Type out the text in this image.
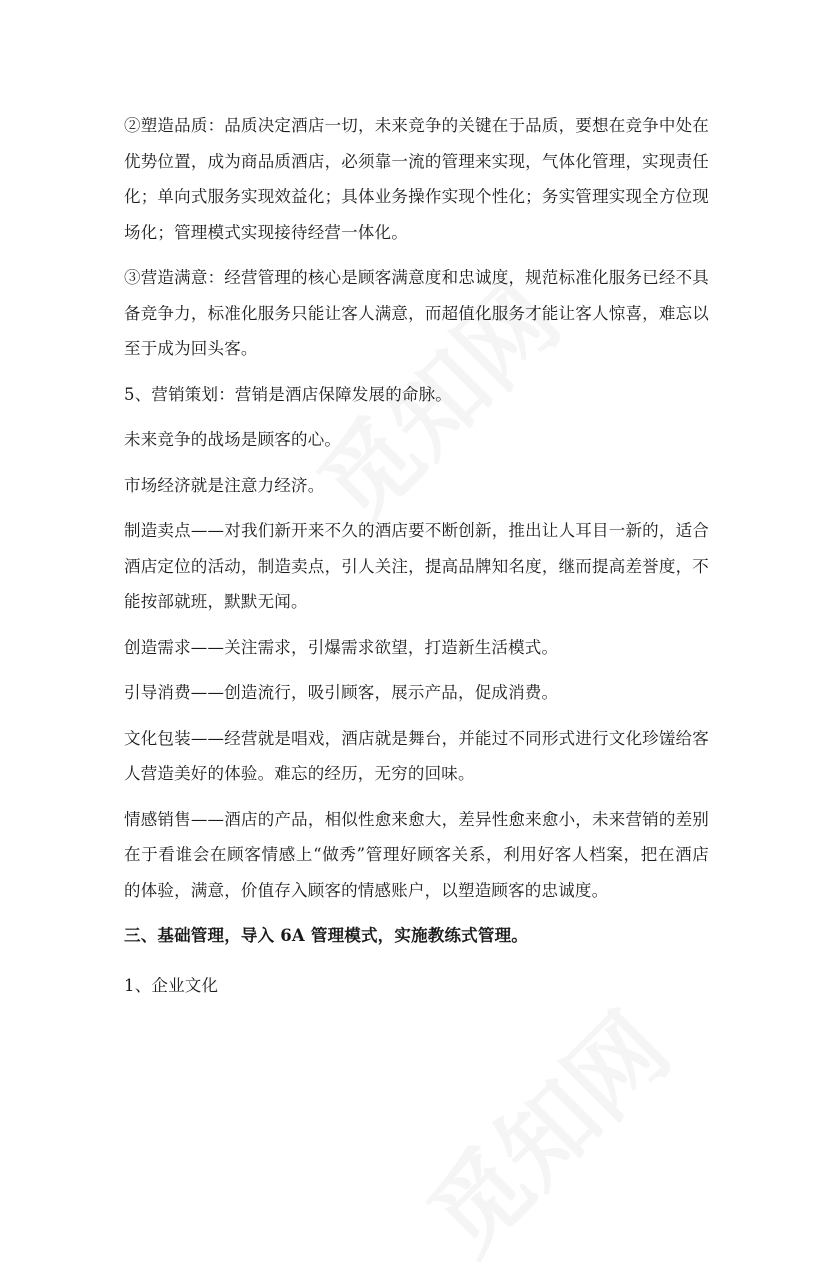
②塑造品质：品质决定酒店一切，未来竞争的关键在于品质，要想在竞争中处在优势位置，成为商品质酒店，必须靠一流的管理来实现，气体化管理，实现责任化；单向式服务实现效益化；具体业务操作实现个性化；务实管理实现全方位现场化；管理模式实现接待经营一体化。

③营造满意：经营管理的核心是顾客满意度和忠诚度，规范标准化服务已经不具备竞争力，标准化服务只能让客人满意，而超值化服务才能让客人惊喜，难忘以至于成为回头客。

5、营销策划：营销是酒店保障发展的命脉。

未来竞争的战场是顾客的心。

市场经济就是注意力经济。

制造卖点——对我们新开来不久的酒店要不断创新，推出让人耳目一新的，适合酒店定位的活动，制造卖点，引人关注，提高品牌知名度，继而提高差誉度，不能按部就班，默默无闻。

创造需求——关注需求，引爆需求欲望，打造新生活模式。

引导消费——创造流行，吸引顾客，展示产品，促成消费。

文化包装——经营就是唱戏，酒店就是舞台，并能过不同形式进行文化珍馐给客人营造美好的体验。难忘的经历，无穷的回味。

情感销售——酒店的产品，相似性愈来愈大，差异性愈来愈小，未来营销的差别在于看谁会在顾客情感上“做秀”管理好顾客关系，利用好客人档案，把在酒店的体验，满意，价值存入顾客的情感账户，以塑造顾客的忠诚度。

三、基础管理，导入 6A 管理模式，实施教练式管理。

1、企业文化
